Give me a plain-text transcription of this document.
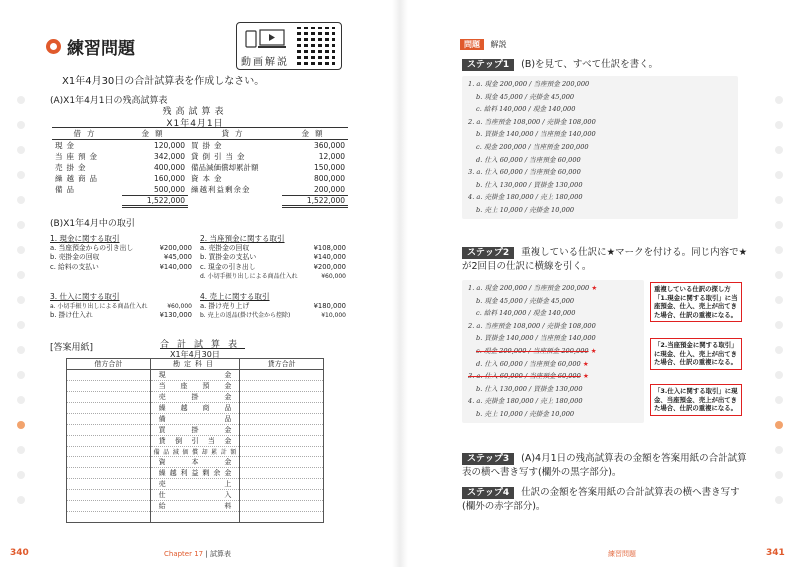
練習問題
動画解説
X1年4月30日の合計試算表を作成しなさい。
(A)X1年4月1日の残高試算表
残高試算表
X1年4月1日
借方	金額	貸方	金額
現金	120,000	買掛金	360,000
当座預金	342,000	貸倒引当金	12,000
売掛金	400,000	備品減価償却累計額	150,000
繰越商品	160,000	資本金	800,000
備品	500,000	繰越利益剰余金	200,000
	1,522,000		1,522,000
(B)X1年4月中の取引
1. 現金に関する取引
a. 当座預金からの引き出し	¥200,000
b. 売掛金の回収	¥45,000
c. 給料の支払い	¥140,000
2. 当座預金に関する取引
a. 売掛金の回収	¥108,000
b. 買掛金の支払い	¥140,000
c. 現金の引き出し	¥200,000
d. 小切手振り出しによる商品仕入れ	¥60,000
3. 仕入に関する取引
a. 小切手振り出しによる商品仕入れ	¥60,000
b. 掛け仕入れ	¥130,000
4. 売上に関する取引
a. 掛け売り上げ	¥180,000
b. 売上の返品(掛け代金から控除)	¥10,000
[答案用紙]	合計試算表
X1年4月30日
借方合計	勘定科目	貸方合計
	現金	
	当座預金	
	売掛金	
	繰越商品	
	備品	
	買掛金	
	貸倒引当金	
	備品減価償却累計額	
	資本金	
	繰越利益剰余金	
	売上	
	仕入	
	給料	

340	Chapter 17 | 試算表
問題 解説
ステップ1 (B)を見て、すべて仕訳を書く。
1. a. 現金 200,000 / 当座預金 200,000
b. 現金 45,000 / 売掛金 45,000
c. 給料 140,000 / 現金 140,000
2. a. 当座預金 108,000 / 売掛金 108,000
b. 買掛金 140,000 / 当座預金 140,000
c. 現金 200,000 / 当座預金 200,000
d. 仕入 60,000 / 当座預金 60,000
3. a. 仕入 60,000 / 当座預金 60,000
b. 仕入 130,000 / 買掛金 130,000
4. a. 売掛金 180,000 / 売上 180,000
b. 売上 10,000 / 売掛金 10,000
ステップ2 重複している仕訳に★マークを付ける。同じ内容で★が2回目の仕訳に横線を引く。
1. a. 現金 200,000 / 当座預金 200,000 ★
b. 現金 45,000 / 売掛金 45,000
c. 給料 140,000 / 現金 140,000
2. a. 当座預金 108,000 / 売掛金 108,000
b. 買掛金 140,000 / 当座預金 140,000
c. 現金 200,000 / 当座預金 200,000 ★
d. 仕入 60,000 / 当座預金 60,000 ★
3. a. 仕入 60,000 / 当座預金 60,000 ★
b. 仕入 130,000 / 買掛金 130,000
4. a. 売掛金 180,000 / 売上 180,000
b. 売上 10,000 / 売掛金 10,000
重複している仕訳の探し方「1.現金に関する取引」に当座預金、仕入、売上が出てきた場合、仕訳の重複になる。
「2.当座預金に関する取引」に現金、仕入、売上が出てきた場合、仕訳の重複になる。
「3.仕入に関する取引」に現金、当座預金、売上が出てきた場合、仕訳の重複になる。
ステップ3 (A)4月1日の残高試算表の金額を答案用紙の合計試算表の横へ書き写す(欄外の黒字部分)。
ステップ4 仕訳の金額を答案用紙の合計試算表の横へ書き写す(欄外の赤字部分)。
練習問題	341
